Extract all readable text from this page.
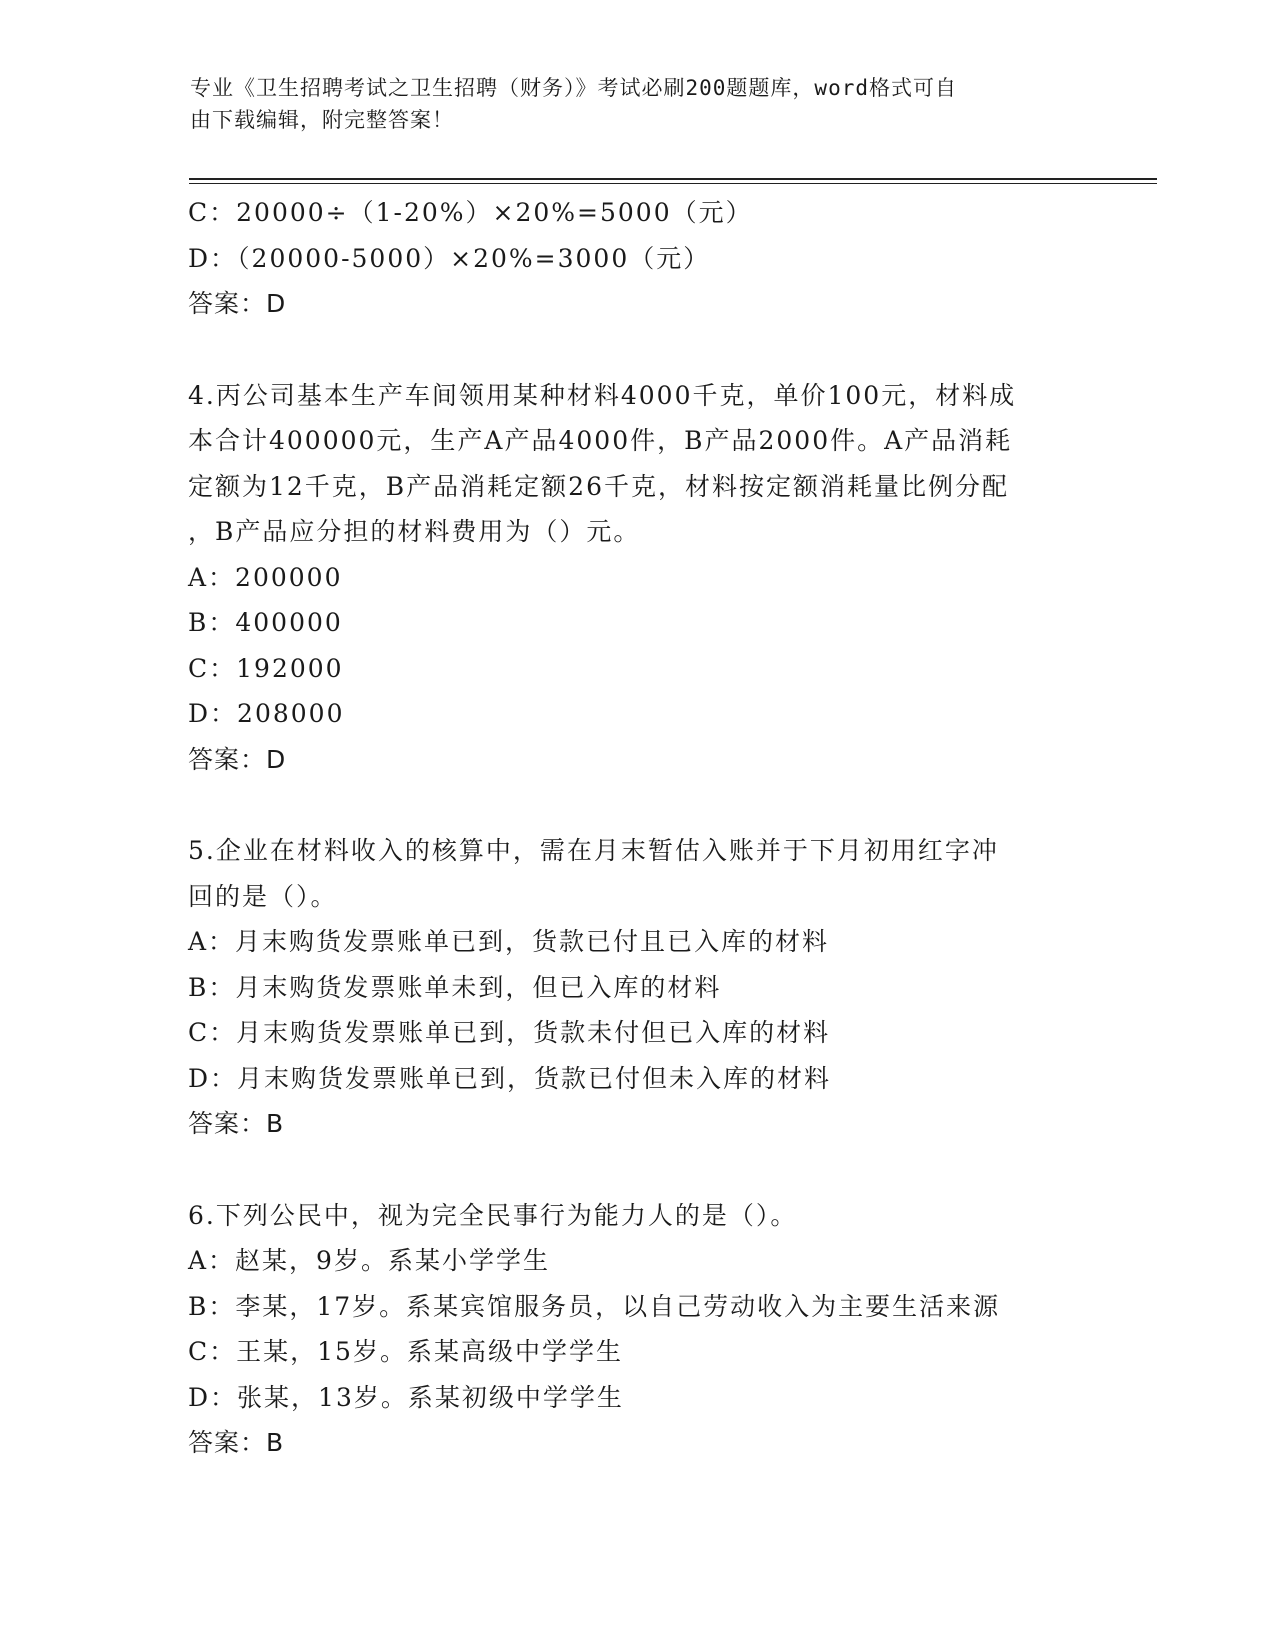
专业《卫生招聘考试之卫生招聘（财务）》考试必刷200题题库，word格式可自
由下载编辑，附完整答案！
C：20000÷（1-20%）×20%=5000（元）
D：（20000-5000）×20%=3000（元）
答案：D
4.丙公司基本生产车间领用某种材料4000千克，单价100元，材料成
本合计400000元，生产A产品4000件，B产品2000件。A产品消耗
定额为12千克，B产品消耗定额26千克，材料按定额消耗量比例分配
，B产品应分担的材料费用为（）元。
A：200000
B：400000
C：192000
D：208000
答案：D
5.企业在材料收入的核算中，需在月末暂估入账并于下月初用红字冲
回的是（）。
A：月末购货发票账单已到，货款已付且已入库的材料
B：月末购货发票账单未到，但已入库的材料
C：月末购货发票账单已到，货款未付但已入库的材料
D：月末购货发票账单已到，货款已付但未入库的材料
答案：B
6.下列公民中，视为完全民事行为能力人的是（）。
A：赵某，9岁。系某小学学生
B：李某，17岁。系某宾馆服务员，以自己劳动收入为主要生活来源
C：王某，15岁。系某高级中学学生
D：张某，13岁。系某初级中学学生
答案：B
